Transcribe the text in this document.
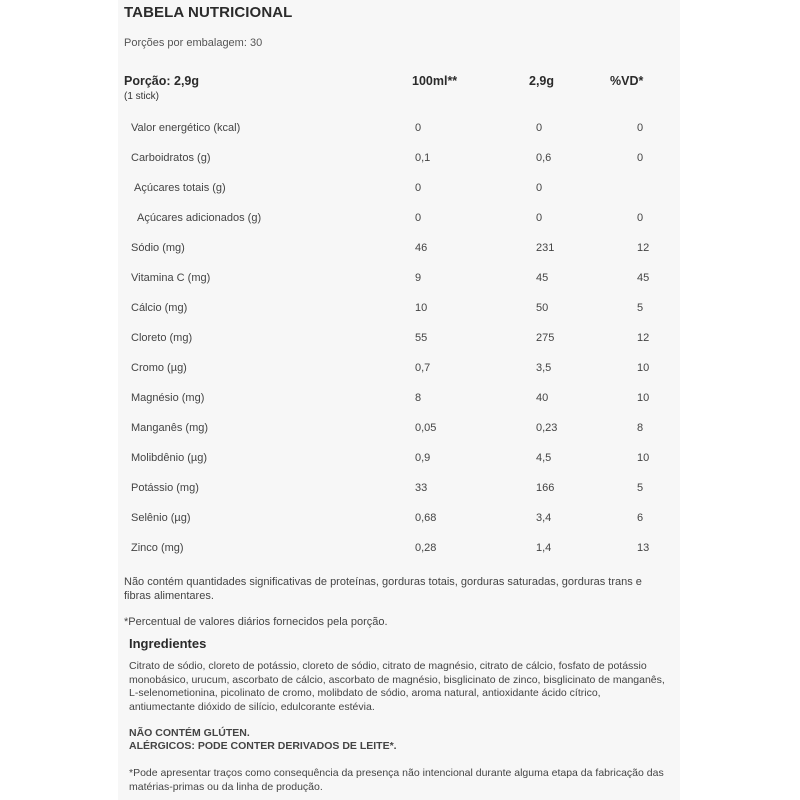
TABELA NUTRICIONAL
Porções por embalagem: 30
Porção: 2,9g
(1 stick)
100ml**	2,9g	%VD*
Valor energético (kcal)	0	0	0
Carboidratos (g)	0,1	0,6	0
Açúcares totais (g)	0	0
Açúcares adicionados (g)	0	0	0
Sódio (mg)	46	231	12
Vitamina C (mg)	9	45	45
Cálcio (mg)	10	50	5
Cloreto (mg)	55	275	12
Cromo (µg)	0,7	3,5	10
Magnésio (mg)	8	40	10
Manganês (mg)	0,05	0,23	8
Molibdênio (µg)	0,9	4,5	10
Potássio (mg)	33	166	5
Selênio (µg)	0,68	3,4	6
Zinco (mg)	0,28	1,4	13
Não contém quantidades significativas de proteínas, gorduras totais, gorduras saturadas, gorduras trans e fibras alimentares.
*Percentual de valores diários fornecidos pela porção.
Ingredientes
Citrato de sódio, cloreto de potássio, cloreto de sódio, citrato de magnésio, citrato de cálcio, fosfato de potássio monobásico, urucum, ascorbato de cálcio, ascorbato de magnésio, bisglicinato de zinco, bisglicinato de manganês, L-selenometionina, picolinato de cromo, molibdato de sódio, aroma natural, antioxidante ácido cítrico, antiumectante dióxido de silício, edulcorante estévia.
NÃO CONTÉM GLÚTEN.
ALÉRGICOS: PODE CONTER DERIVADOS DE LEITE*.
*Pode apresentar traços como consequência da presença não intencional durante alguma etapa da fabricação das matérias-primas ou da linha de produção.
